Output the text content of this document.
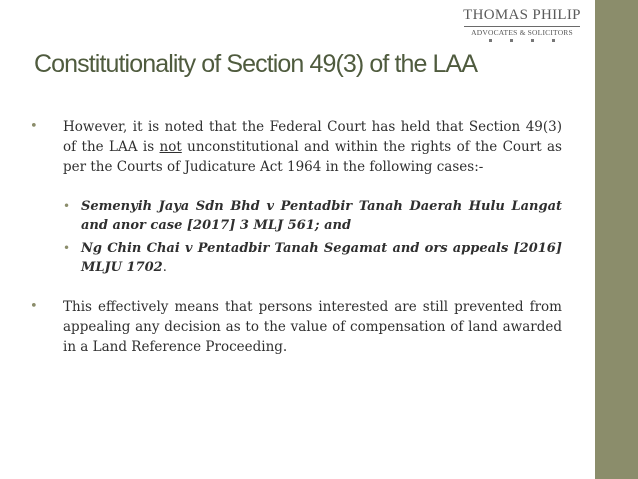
THOMAS PHILIP
ADVOCATES & SOLICITORS
Constitutionality of Section 49(3) of the LAA
• However, it is noted that the Federal Court has held that Section 49(3) of the LAA is not unconstitutional and within the rights of the Court as per the Courts of Judicature Act 1964 in the following cases:-
• Semenyih Jaya Sdn Bhd v Pentadbir Tanah Daerah Hulu Langat and anor case [2017] 3 MLJ 561; and
• Ng Chin Chai v Pentadbir Tanah Segamat and ors appeals [2016] MLJU 1702.
• This effectively means that persons interested are still prevented from appealing any decision as to the value of compensation of land awarded in a Land Reference Proceeding.
